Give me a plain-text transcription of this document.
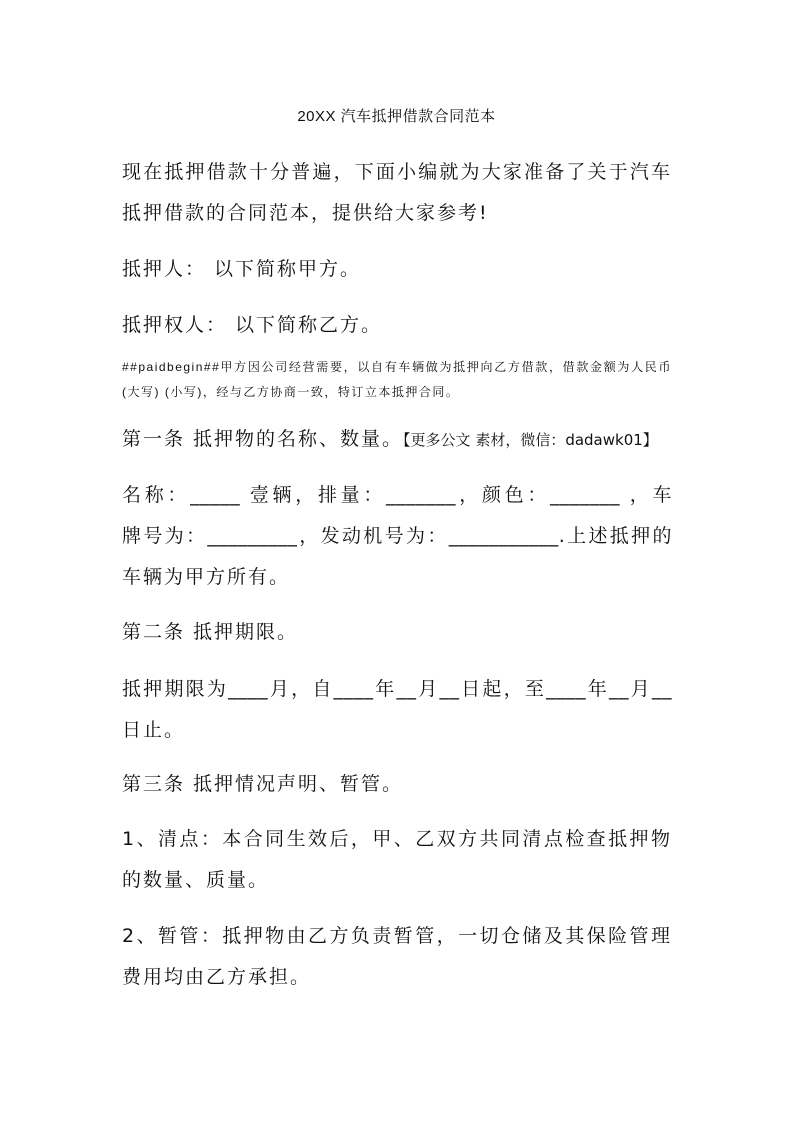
20XX 汽车抵押借款合同范本
现在抵押借款十分普遍，下面小编就为大家准备了关于汽车
抵押借款的合同范本，提供给大家参考!
抵押人： 以下简称甲方。
抵押权人： 以下简称乙方。
##paidbegin##甲方因公司经营需要，以自有车辆做为抵押向乙方借款，借款金额为人民币
(大写) (小写)，经与乙方协商一致，特订立本抵押合同。
第一条 抵押物的名称、数量。【更多公文 素材，微信：dadawk01】
名称：_____ 壹辆，排量：_______，颜色：_______ ，车
牌号为：_________，发动机号为：___________.上述抵押的
车辆为甲方所有。
第二条 抵押期限。
抵押期限为____月，自____年__月__日起，至____年__月__
日止。
第三条 抵押情况声明、暂管。
1、清点：本合同生效后，甲、乙双方共同清点检查抵押物
的数量、质量。
2、暂管：抵押物由乙方负责暂管，一切仓储及其保险管理
费用均由乙方承担。
